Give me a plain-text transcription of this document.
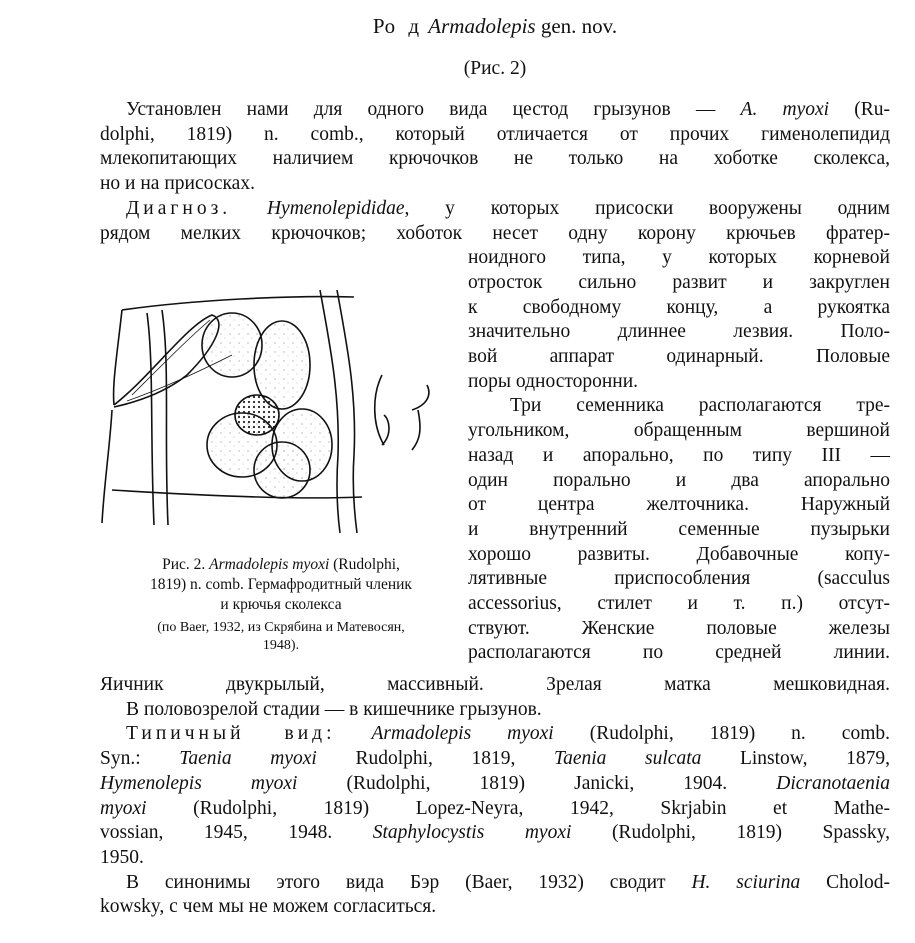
Ро д Armadolepis gen. nov.
(Рис. 2)
Установлен нами для одного вида цестод грызунов — A. myoxi (Ru-
dolphi, 1819) n. comb., который отличается от прочих гименолепидид
млекопитающих наличием крючочков не только на хоботке сколекса,
но и на присосках.
Диагноз. Hymenolepididae, у которых присоски вооружены одним
рядом мелких крючочков; хоботок несет одну корону крючьев фратер-
ноидного типа, у которых корневой
отросток сильно развит и закруглен
к свободному концу, а рукоятка
значительно длиннее лезвия. Поло-
вой аппарат одинарный. Половые
поры односторонни.
Три семенника располагаются тре-
угольником, обращенным вершиной
назад и апорально, по типу III —
один порально и два апорально
от центра желточника. Наружный
и внутренний семенные пузырьки
хорошо развиты. Добавочные копу-
лятивные приспособления (sacculus
accessorius, стилет и т. п.) отсут-
ствуют. Женские половые железы
располагаются по средней линии.
Рис. 2. Armadolepis myoxi (Rudolphi,
1819) n. comb. Гермафродитный членик
и крючья сколекса
(по Baer, 1932, из Скрябина и Матевосян,
1948).
Яичник двукрылый, массивный. Зрелая матка мешковидная.
В половозрелой стадии — в кишечнике грызунов.
Типичный вид: Armadolepis myoxi (Rudolphi, 1819) n. comb.
Syn.: Taenia myoxi Rudolphi, 1819, Taenia sulcata Linstow, 1879,
Hymenolepis myoxi (Rudolphi, 1819) Janicki, 1904. Dicranotaenia
myoxi (Rudolphi, 1819) Lopez-Neyra, 1942, Skrjabin et Mathe-
vossian, 1945, 1948. Staphylocystis myoxi (Rudolphi, 1819) Spassky,
1950.
В синонимы этого вида Бэр (Baer, 1932) сводит H. sciurina Cholod-
kowsky, с чем мы не можем согласиться.
